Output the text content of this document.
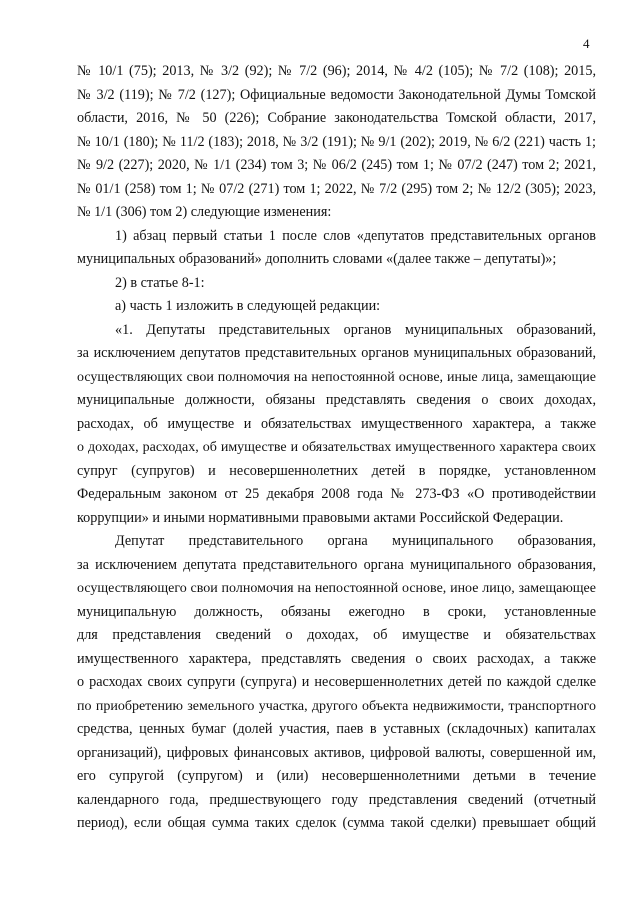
4
№ 10/1 (75); 2013, № 3/2 (92); № 7/2 (96); 2014, № 4/2 (105); № 7/2 (108); 2015,
№ 3/2 (119); № 7/2 (127); Официальные ведомости Законодательной Думы Томской
области, 2016, № 50 (226); Собрание законодательства Томской области, 2017,
№ 10/1 (180); № 11/2 (183); 2018, № 3/2 (191); № 9/1 (202); 2019, № 6/2 (221) часть 1;
№ 9/2 (227); 2020, № 1/1 (234) том 3; № 06/2 (245) том 1; № 07/2 (247) том 2; 2021,
№ 01/1 (258) том 1; № 07/2 (271) том 1; 2022, № 7/2 (295) том 2; № 12/2 (305); 2023,
№ 1/1 (306) том 2) следующие изменения:
1) абзац первый статьи 1 после слов «депутатов представительных органов
муниципальных образований» дополнить словами «(далее также – депутаты)»;
2) в статье 8-1:
а) часть 1 изложить в следующей редакции:
«1. Депутаты представительных органов муниципальных образований,
за исключением депутатов представительных органов муниципальных образований,
осуществляющих свои полномочия на непостоянной основе, иные лица, замещающие
муниципальные должности, обязаны представлять сведения о своих доходах,
расходах, об имуществе и обязательствах имущественного характера, а также
о доходах, расходах, об имуществе и обязательствах имущественного характера своих
супруг (супругов) и несовершеннолетних детей в порядке, установленном
Федеральным законом от 25 декабря 2008 года № 273-ФЗ «О противодействии
коррупции» и иными нормативными правовыми актами Российской Федерации.
Депутат представительного органа муниципального образования,
за исключением депутата представительного органа муниципального образования,
осуществляющего свои полномочия на непостоянной основе, иное лицо, замещающее
муниципальную должность, обязаны ежегодно в сроки, установленные
для представления сведений о доходах, об имуществе и обязательствах
имущественного характера, представлять сведения о своих расходах, а также
о расходах своих супруги (супруга) и несовершеннолетних детей по каждой сделке
по приобретению земельного участка, другого объекта недвижимости, транспортного
средства, ценных бумаг (долей участия, паев в уставных (складочных) капиталах
организаций), цифровых финансовых активов, цифровой валюты, совершенной им,
его супругой (супругом) и (или) несовершеннолетними детьми в течение
календарного года, предшествующего году представления сведений (отчетный
период), если общая сумма таких сделок (сумма такой сделки) превышает общий
